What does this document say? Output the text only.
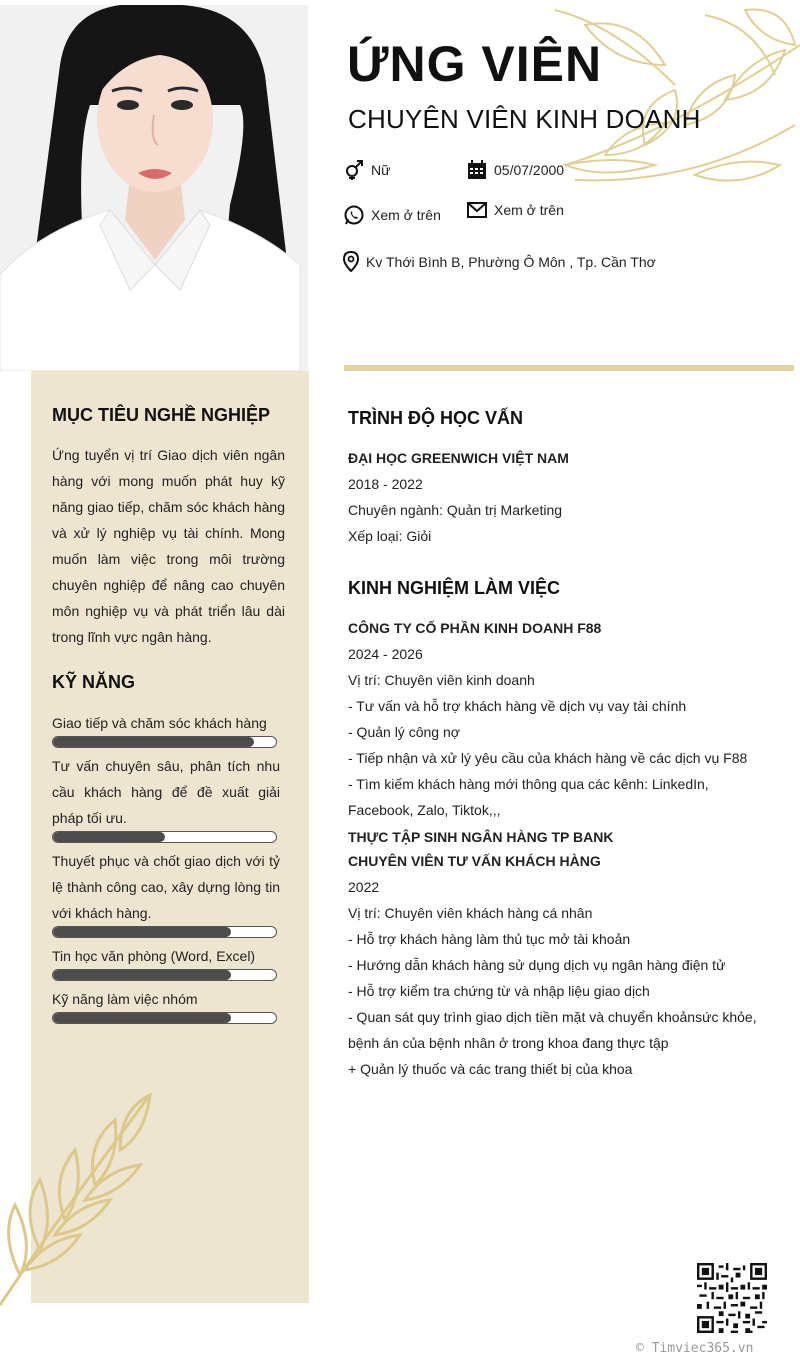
ỨNG VIÊN
CHUYÊN VIÊN KINH DOANH
Nữ	05/07/2000
Xem ở trên	Xem ở trên
Kv Thới Bình B, Phường Ô Môn , Tp. Cần Thơ
MỤC TIÊU NGHỀ NGHIỆP
Ứng tuyển vị trí Giao dịch viên ngân hàng với mong muốn phát huy kỹ năng giao tiếp, chăm sóc khách hàng và xử lý nghiệp vụ tài chính. Mong muốn làm việc trong môi trường chuyên nghiệp để nâng cao chuyên môn nghiệp vụ và phát triển lâu dài trong lĩnh vực ngân hàng.
KỸ NĂNG
Giao tiếp và chăm sóc khách hàng
Tư vấn chuyên sâu, phân tích nhu cầu khách hàng để đề xuất giải pháp tối ưu.
Thuyết phục và chốt giao dịch với tỷ lệ thành công cao, xây dựng lòng tin với khách hàng.
Tin học văn phòng (Word, Excel)
Kỹ năng làm việc nhóm
TRÌNH ĐỘ HỌC VẤN
ĐẠI HỌC GREENWICH VIỆT NAM
2018 - 2022
Chuyên ngành: Quản trị Marketing
Xếp loại: Giỏi
KINH NGHIỆM LÀM VIỆC
CÔNG TY CỔ PHẦN KINH DOANH F88
2024 - 2026
Vị trí: Chuyên viên kinh doanh
- Tư vấn và hỗ trợ khách hàng về dịch vụ vay tài chính
- Quản lý công nợ
- Tiếp nhận và xử lý yêu cầu của khách hàng về các dịch vụ F88
- Tìm kiếm khách hàng mới thông qua các kênh: LinkedIn, Facebook, Zalo, Tiktok,,,
THỰC TẬP SINH NGÂN HÀNG TP BANK
CHUYÊN VIÊN TƯ VẤN KHÁCH HÀNG
2022
Vị trí: Chuyên viên khách hàng cá nhân
- Hỗ trợ khách hàng làm thủ tục mở tài khoản
- Hướng dẫn khách hàng sử dụng dịch vụ ngân hàng điện tử
- Hỗ trợ kiểm tra chứng từ và nhập liệu giao dịch
- Quan sát quy trình giao dịch tiền mặt và chuyển khoảnsức khỏe, bệnh án của bệnh nhân ở trong khoa đang thực tập
+ Quản lý thuốc và các trang thiết bị của khoa
© Timviec365.vn
